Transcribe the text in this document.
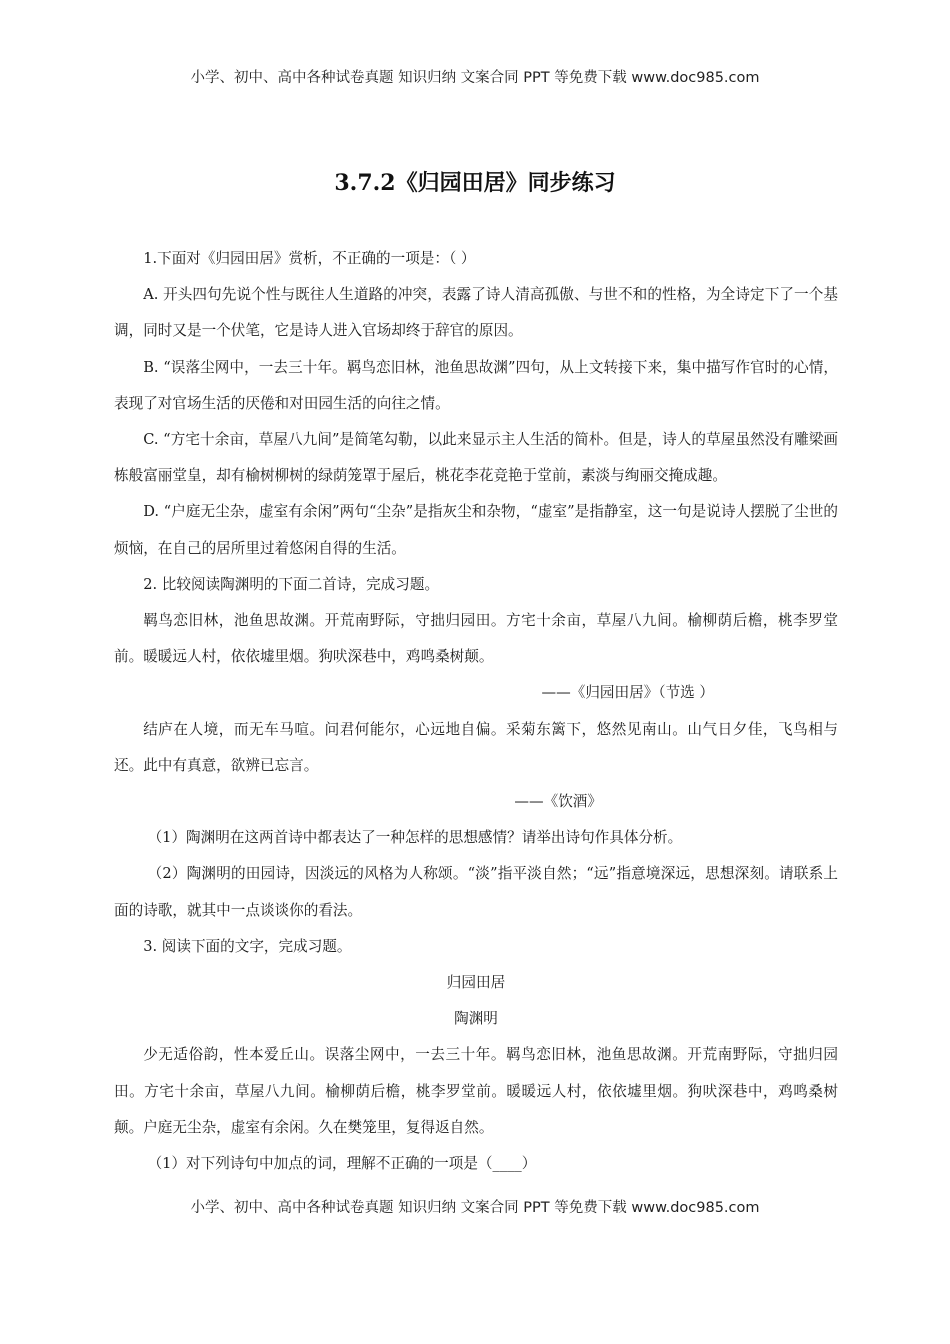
小学、初中、高中各种试卷真题 知识归纳 文案合同 PPT 等免费下载 www.doc985.com
3.7.2《归园田居》同步练习

1.下面对《归园田居》赏析，不正确的一项是：（ ）

A. 开头四句先说个性与既往人生道路的冲突，表露了诗人清高孤傲、与世不和的性格，为全诗定下了一个基调，同时又是一个伏笔，它是诗人进入官场却终于辞官的原因。

B. “误落尘网中，一去三十年。羁鸟恋旧林，池鱼思故渊”四句，从上文转接下来，集中描写作官时的心情，表现了对官场生活的厌倦和对田园生活的向往之情。

C. “方宅十余亩，草屋八九间”是简笔勾勒，以此来显示主人生活的简朴。但是，诗人的草屋虽然没有雕梁画栋般富丽堂皇，却有榆树柳树的绿荫笼罩于屋后，桃花李花竞艳于堂前，素淡与绚丽交掩成趣。

D. “户庭无尘杂，虚室有余闲”两句“尘杂”是指灰尘和杂物，“虚室”是指静室，这一句是说诗人摆脱了尘世的烦恼，在自己的居所里过着悠闲自得的生活。

2. 比较阅读陶渊明的下面二首诗，完成习题。

羁鸟恋旧林，池鱼思故渊。开荒南野际，守拙归园田。方宅十余亩，草屋八九间。榆柳荫后檐，桃李罗堂前。暖暖远人村，依依墟里烟。狗吠深巷中，鸡鸣桑树颠。

——《归园田居》（节选 ）

结庐在人境，而无车马喧。问君何能尔，心远地自偏。采菊东篱下，悠然见南山。山气日夕佳，飞鸟相与还。此中有真意，欲辨已忘言。

——《饮酒》

（1）陶渊明在这两首诗中都表达了一种怎样的思想感情？请举出诗句作具体分析。

（2）陶渊明的田园诗，因淡远的风格为人称颂。“淡”指平淡自然；“远”指意境深远，思想深刻。请联系上面的诗歌，就其中一点谈谈你的看法。

3. 阅读下面的文字，完成习题。

归园田居

陶渊明

少无适俗韵，性本爱丘山。误落尘网中，一去三十年。羁鸟恋旧林，池鱼思故渊。开荒南野际，守拙归园田。方宅十余亩，草屋八九间。榆柳荫后檐，桃李罗堂前。暖暖远人村，依依墟里烟。狗吠深巷中，鸡鸣桑树颠。户庭无尘杂，虚室有余闲。久在樊笼里，复得返自然。

（1）对下列诗句中加点的词，理解不正确的一项是（____）

小学、初中、高中各种试卷真题 知识归纳 文案合同 PPT 等免费下载 www.doc985.com
